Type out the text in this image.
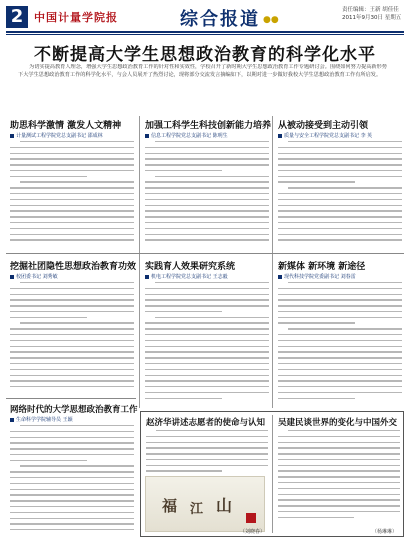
2 中国计量学院报	综合报道 ●●
责任编辑：王新 胡佳佳
2011年9月30日 星期五
不断提高大学生思想政治教育的科学化水平

为切实提高教育人理念，增强大学生思想政治教育工作的针对性和实效性，学校召开了新时期大学生思想政治教育工作专题研讨会。围绕如何努力提高新形势下大学生思想政治教育工作的科学化水平，与会人员展开了热烈讨论，现将部分交流发言摘编如下，以期对进一步做好我校大学生思想政治教育工作有所启发。

助思科学激情 激发人文精神
计量测试工程学院党总支副书记 邵成林
加强工科学生科技创新能力培养
信息工程学院党总支副书记 陈明生
从被动接受到主动引领
质量与安全工程学院党总支副书记 李 英
挖掘社团隐性思想政治教育功效
校团委书记 刘秀敏
实践育人效果研究系统
机电工程学院党总支副书记 王志毅
新媒体 新环境 新途径
现代科技学院党委副书记 刘春雷
网络时代的大学思想政治教育工作
生命科学学院辅导员 王颖	赵济华讲述志愿者的使命与认知 吴建民谈世界的变化与中国外交
福 江 山
（刘晓春）	（杨琳琳）
